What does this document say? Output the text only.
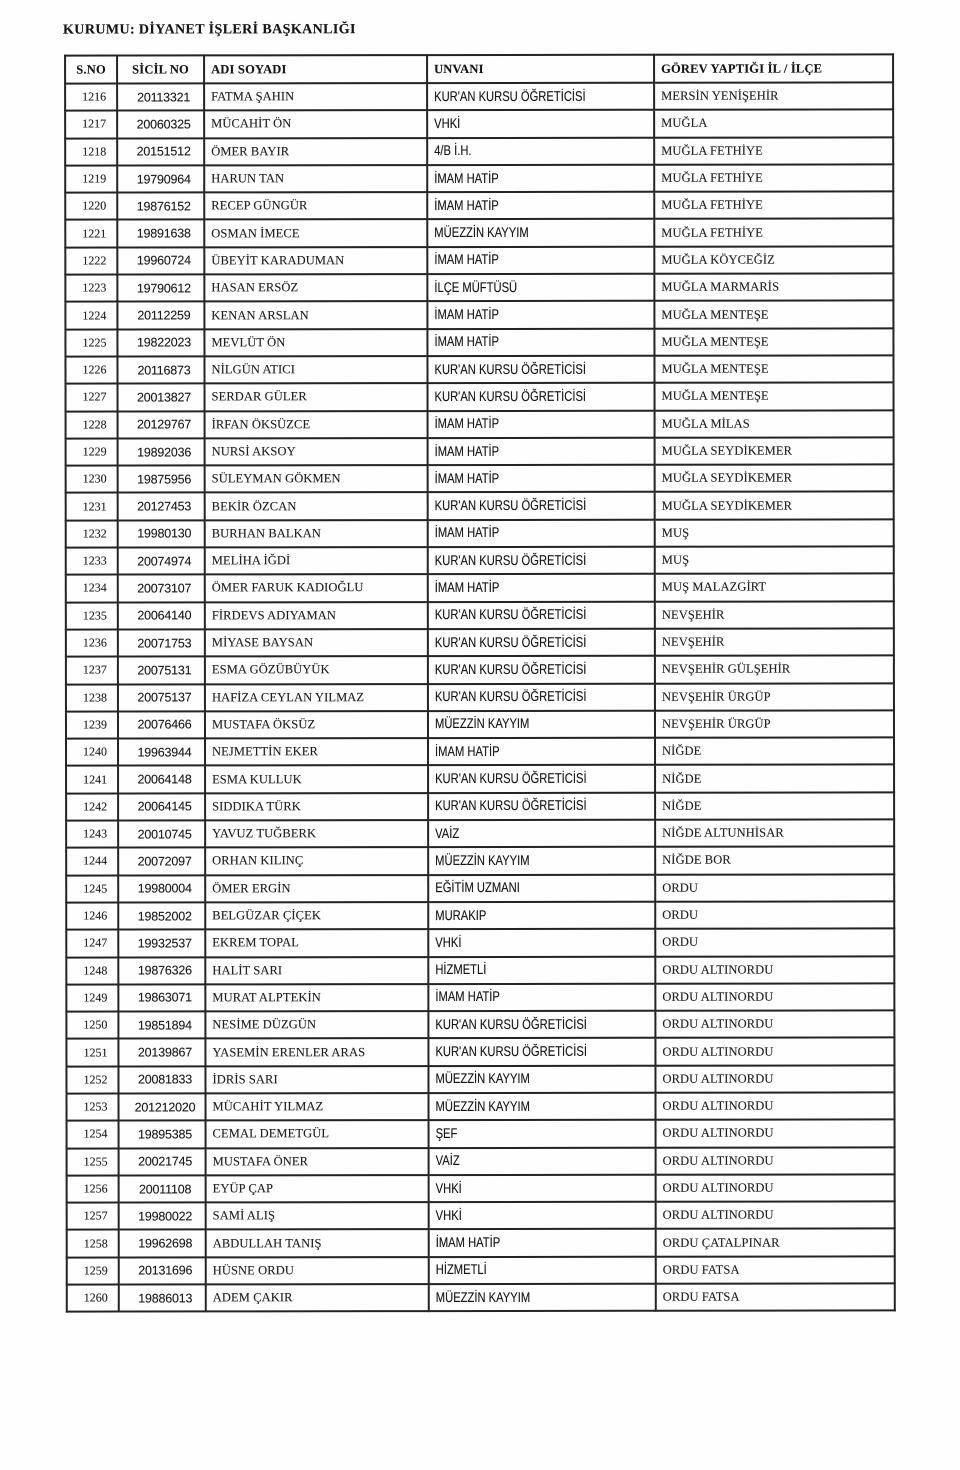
KURUMU: DİYANET İŞLERİ BAŞKANLIĞI
S.NO	SİCİL NO	ADI SOYADI	UNVANI	GÖREV YAPTIĞI İL / İLÇE
1216	20113321	FATMA ŞAHIN	KUR'AN KURSU ÖĞRETİCİSİ	MERSİN YENİŞEHİR
1217	20060325	MÜCAHİT ÖN	VHKİ	MUĞLA
1218	20151512	ÖMER BAYIR	4/B İ.H.	MUĞLA FETHİYE
1219	19790964	HARUN TAN	İMAM HATİP	MUĞLA FETHİYE
1220	19876152	RECEP GÜNGÜR	İMAM HATİP	MUĞLA FETHİYE
1221	19891638	OSMAN İMECE	MÜEZZİN KAYYIM	MUĞLA FETHİYE
1222	19960724	ÜBEYİT KARADUMAN	İMAM HATİP	MUĞLA KÖYCEĞİZ
1223	19790612	HASAN ERSÖZ	İLÇE MÜFTÜSÜ	MUĞLA MARMARİS
1224	20112259	KENAN ARSLAN	İMAM HATİP	MUĞLA MENTEŞE
1225	19822023	MEVLÜT ÖN	İMAM HATİP	MUĞLA MENTEŞE
1226	20116873	NİLGÜN ATICI	KUR'AN KURSU ÖĞRETİCİSİ	MUĞLA MENTEŞE
1227	20013827	SERDAR GÜLER	KUR'AN KURSU ÖĞRETİCİSİ	MUĞLA MENTEŞE
1228	20129767	İRFAN ÖKSÜZCE	İMAM HATİP	MUĞLA MİLAS
1229	19892036	NURSİ AKSOY	İMAM HATİP	MUĞLA SEYDİKEMER
1230	19875956	SÜLEYMAN GÖKMEN	İMAM HATİP	MUĞLA SEYDİKEMER
1231	20127453	BEKİR ÖZCAN	KUR'AN KURSU ÖĞRETİCİSİ	MUĞLA SEYDİKEMER
1232	19980130	BURHAN BALKAN	İMAM HATİP	MUŞ
1233	20074974	MELİHA İĞDİ	KUR'AN KURSU ÖĞRETİCİSİ	MUŞ
1234	20073107	ÖMER FARUK KADIOĞLU	İMAM HATİP	MUŞ MALAZGİRT
1235	20064140	FİRDEVS ADIYAMAN	KUR'AN KURSU ÖĞRETİCİSİ	NEVŞEHİR
1236	20071753	MİYASE BAYSAN	KUR'AN KURSU ÖĞRETİCİSİ	NEVŞEHİR
1237	20075131	ESMA GÖZÜBÜYÜK	KUR'AN KURSU ÖĞRETİCİSİ	NEVŞEHİR GÜLŞEHİR
1238	20075137	HAFİZA CEYLAN YILMAZ	KUR'AN KURSU ÖĞRETİCİSİ	NEVŞEHİR ÜRGÜP
1239	20076466	MUSTAFA ÖKSÜZ	MÜEZZİN KAYYIM	NEVŞEHİR ÜRGÜP
1240	19963944	NEJMETTİN EKER	İMAM HATİP	NİĞDE
1241	20064148	ESMA KULLUK	KUR'AN KURSU ÖĞRETİCİSİ	NİĞDE
1242	20064145	SIDDIKA TÜRK	KUR'AN KURSU ÖĞRETİCİSİ	NİĞDE
1243	20010745	YAVUZ TUĞBERK	VAİZ	NİĞDE ALTUNHİSAR
1244	20072097	ORHAN KILINÇ	MÜEZZİN KAYYIM	NİĞDE BOR
1245	19980004	ÖMER ERGİN	EĞİTİM UZMANI	ORDU
1246	19852002	BELGÜZAR ÇİÇEK	MURAKIP	ORDU
1247	19932537	EKREM TOPAL	VHKİ	ORDU
1248	19876326	HALİT SARI	HİZMETLİ	ORDU ALTINORDU
1249	19863071	MURAT ALPTEKİN	İMAM HATİP	ORDU ALTINORDU
1250	19851894	NESİME DÜZGÜN	KUR'AN KURSU ÖĞRETİCİSİ	ORDU ALTINORDU
1251	20139867	YASEMİN ERENLER ARAS	KUR'AN KURSU ÖĞRETİCİSİ	ORDU ALTINORDU
1252	20081833	İDRİS SARI	MÜEZZİN KAYYIM	ORDU ALTINORDU
1253	201212020	MÜCAHİT YILMAZ	MÜEZZİN KAYYIM	ORDU ALTINORDU
1254	19895385	CEMAL DEMETGÜL	ŞEF	ORDU ALTINORDU
1255	20021745	MUSTAFA ÖNER	VAİZ	ORDU ALTINORDU
1256	20011108	EYÜP ÇAP	VHKİ	ORDU ALTINORDU
1257	19980022	SAMİ ALIŞ	VHKİ	ORDU ALTINORDU
1258	19962698	ABDULLAH TANIŞ	İMAM HATİP	ORDU ÇATALPINAR
1259	20131696	HÜSNE ORDU	HİZMETLİ	ORDU FATSA
1260	19886013	ADEM ÇAKIR	MÜEZZİN KAYYIM	ORDU FATSA
